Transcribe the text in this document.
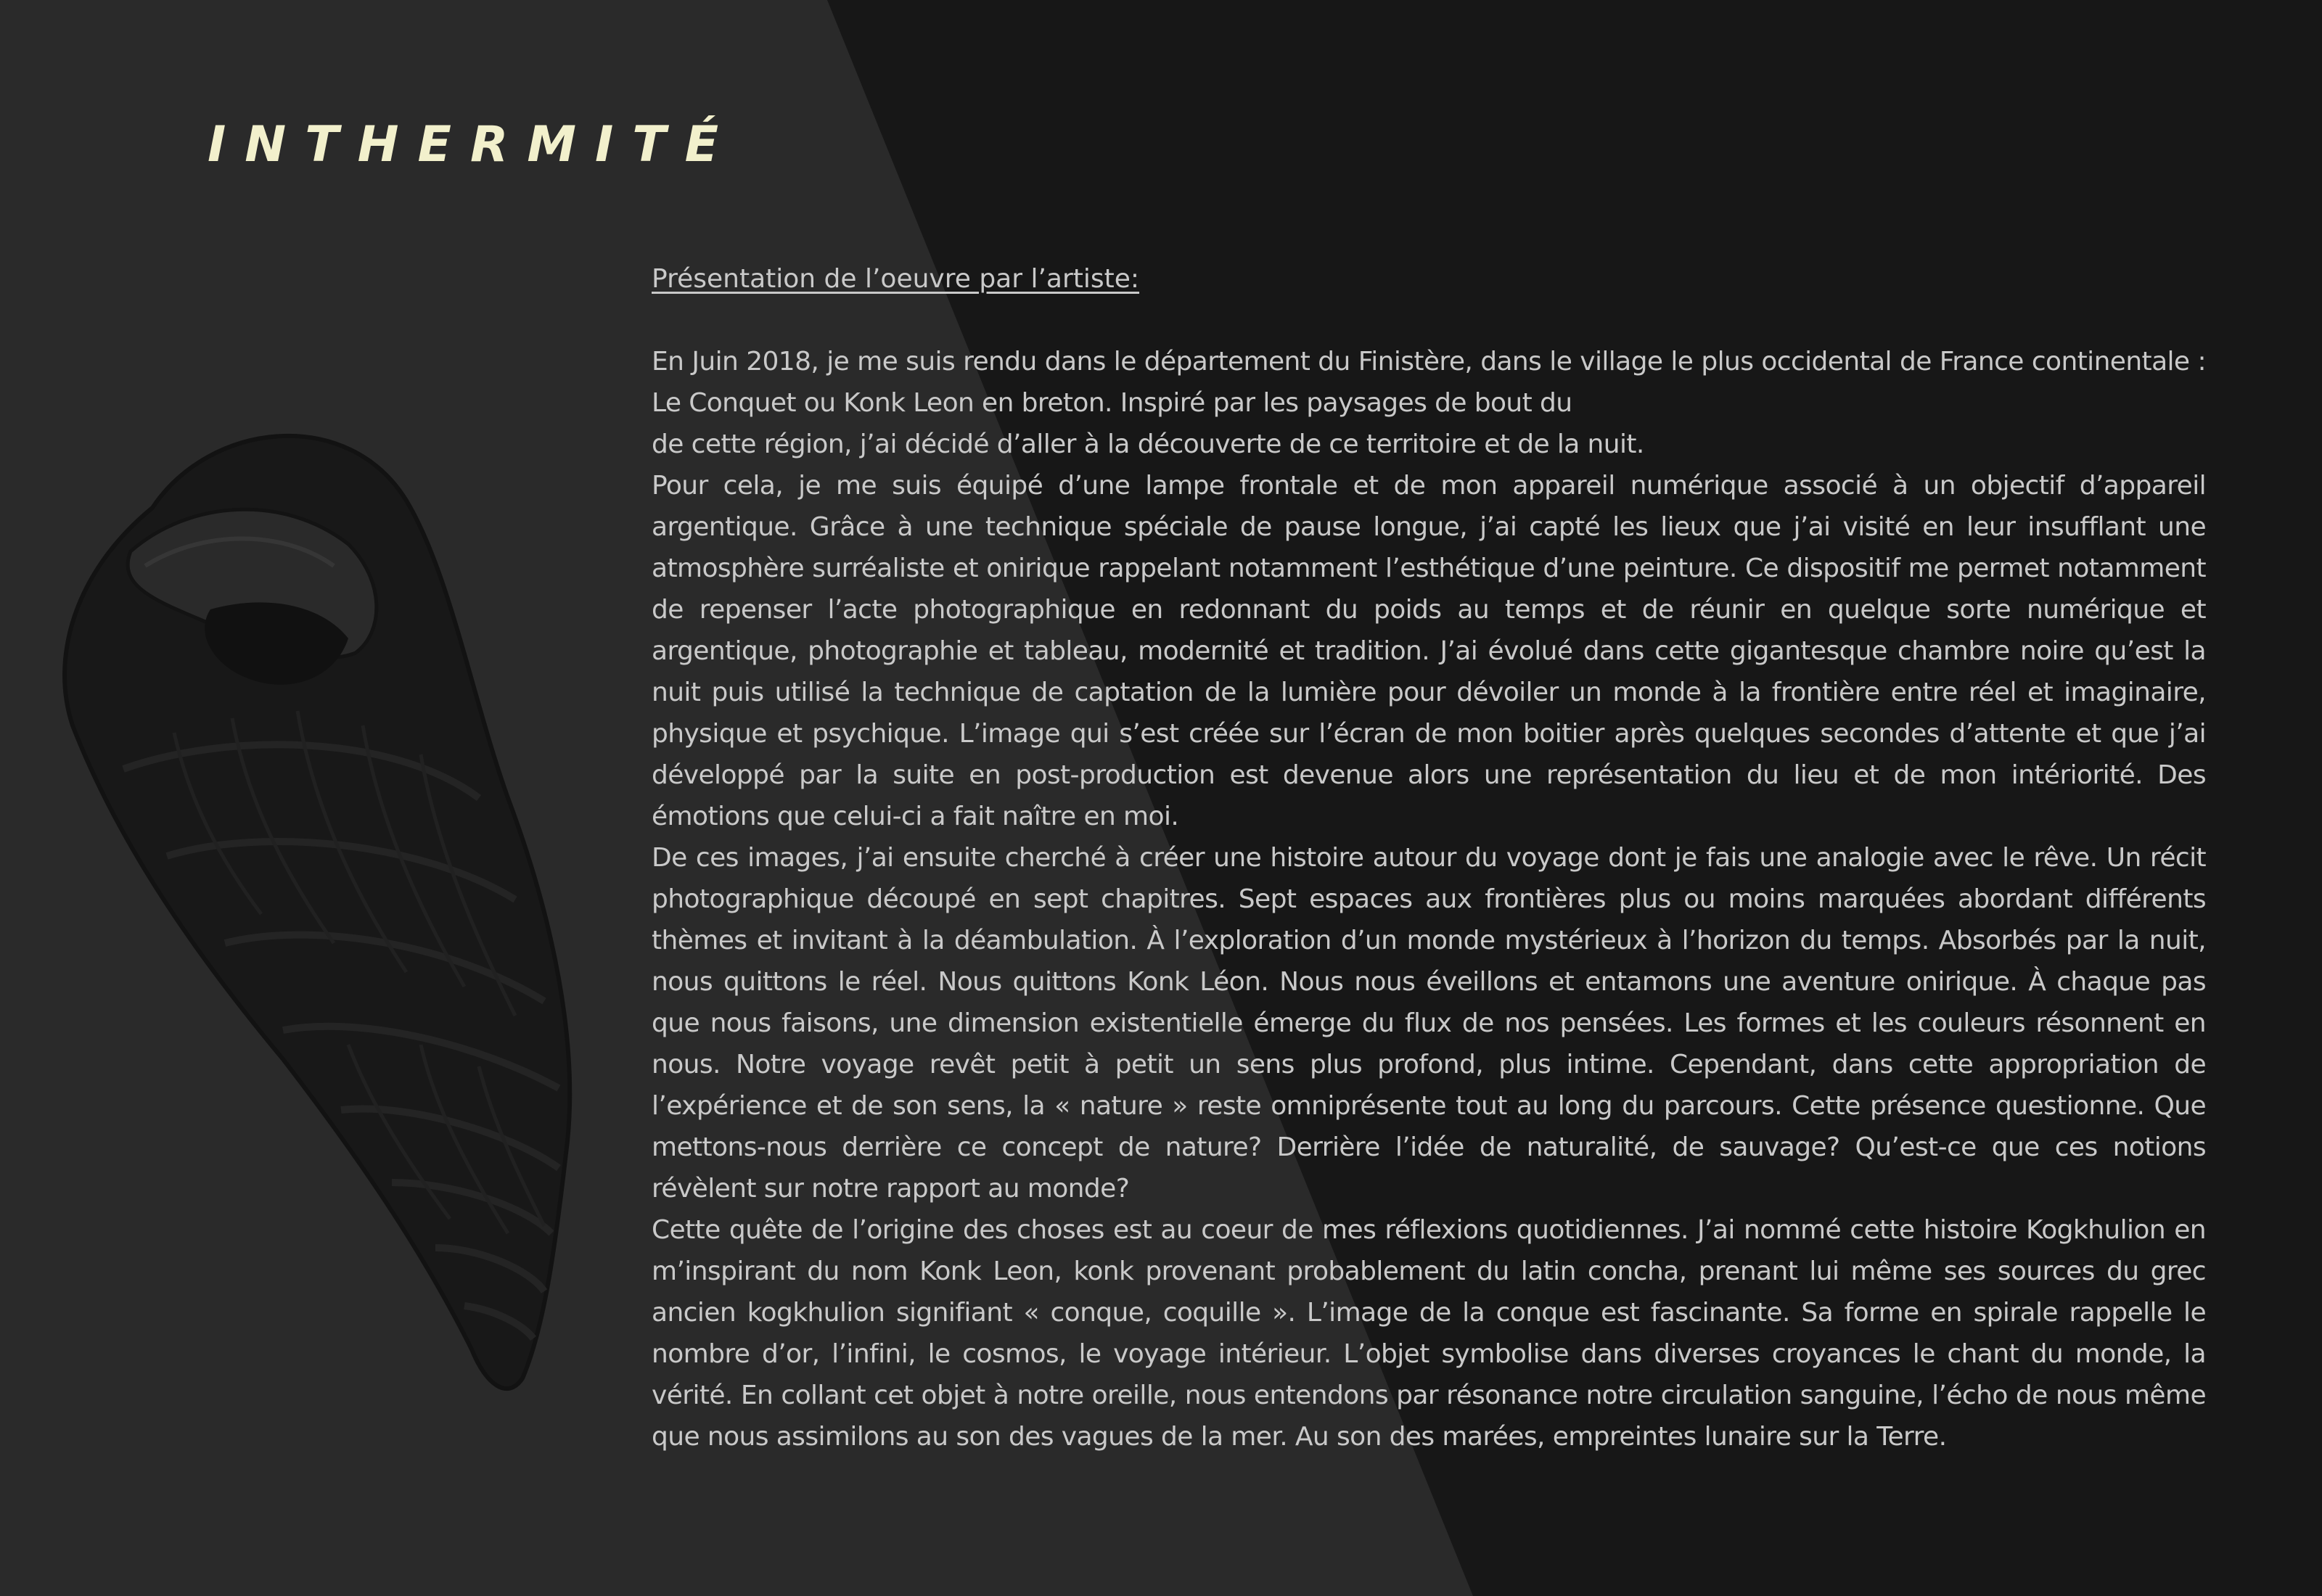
INTHERMITÉ
Présentation de l’oeuvre par l’artiste:

En Juin 2018, je me suis rendu dans le département du Finistère, dans le village le plus occidental de France continentale : Le Conquet ou Konk Leon en breton. Inspiré par les paysages de bout du

de cette région, j’ai décidé d’aller à la découverte de ce territoire et de la nuit.

Pour cela, je me suis équipé d’une lampe frontale et de mon appareil numérique associé à un objectif d’appareil argentique. Grâce à une technique spéciale de pause longue, j’ai capté les lieux que j’ai visité en leur insufflant une atmosphère surréaliste et onirique rappelant notamment l’esthétique d’une peinture. Ce dispositif me permet notamment de repenser l’acte photographique en redonnant du poids au temps et de réunir en quelque sorte numérique et argentique, photographie et tableau, modernité et tradition. J’ai évolué dans cette gigantesque chambre noire qu’est la nuit puis utilisé la technique de captation de la lumière pour dévoiler un monde à la frontière entre réel et imaginaire, physique et psychique. L’image qui s’est créée sur l’écran de mon boitier après quelques secondes d’attente et que j’ai développé par la suite en post-production est devenue alors une représentation du lieu et de mon intériorité. Des émotions que celui-ci a fait naître en moi.

De ces images, j’ai ensuite cherché à créer une histoire autour du voyage dont je fais une analogie avec le rêve. Un récit photographique découpé en sept chapitres. Sept espaces aux frontières plus ou moins marquées abordant différents thèmes et invitant à la déambulation. À l’exploration d’un monde mystérieux à l’horizon du temps. Absorbés par la nuit, nous quittons le réel. Nous quittons Konk Léon. Nous nous éveillons et entamons une aventure onirique. À chaque pas que nous faisons, une dimension existentielle émerge du flux de nos pensées. Les formes et les couleurs résonnent en nous. Notre voyage revêt petit à petit un sens plus profond, plus intime. Cependant, dans cette appropriation de l’expérience et de son sens, la « nature » reste omniprésente tout au long du parcours. Cette présence questionne. Que mettons-nous derrière ce concept de nature? Derrière l’idée de naturalité, de sauvage? Qu’est-ce que ces notions révèlent sur notre rapport au monde?

Cette quête de l’origine des choses est au coeur de mes réflexions quotidiennes. J’ai nommé cette histoire Kogkhulion en m’inspirant du nom Konk Leon, konk provenant probablement du latin concha, prenant lui même ses sources du grec ancien kogkhulion signifiant « conque, coquille ». L’image de la conque est fascinante. Sa forme en spirale rappelle le nombre d’or, l’infini, le cosmos, le voyage intérieur. L’objet symbolise dans diverses croyances le chant du monde, la vérité. En collant cet objet à notre oreille, nous entendons par résonance notre circulation sanguine, l’écho de nous même que nous assimilons au son des vagues de la mer. Au son des marées, empreintes lunaire sur la Terre.
